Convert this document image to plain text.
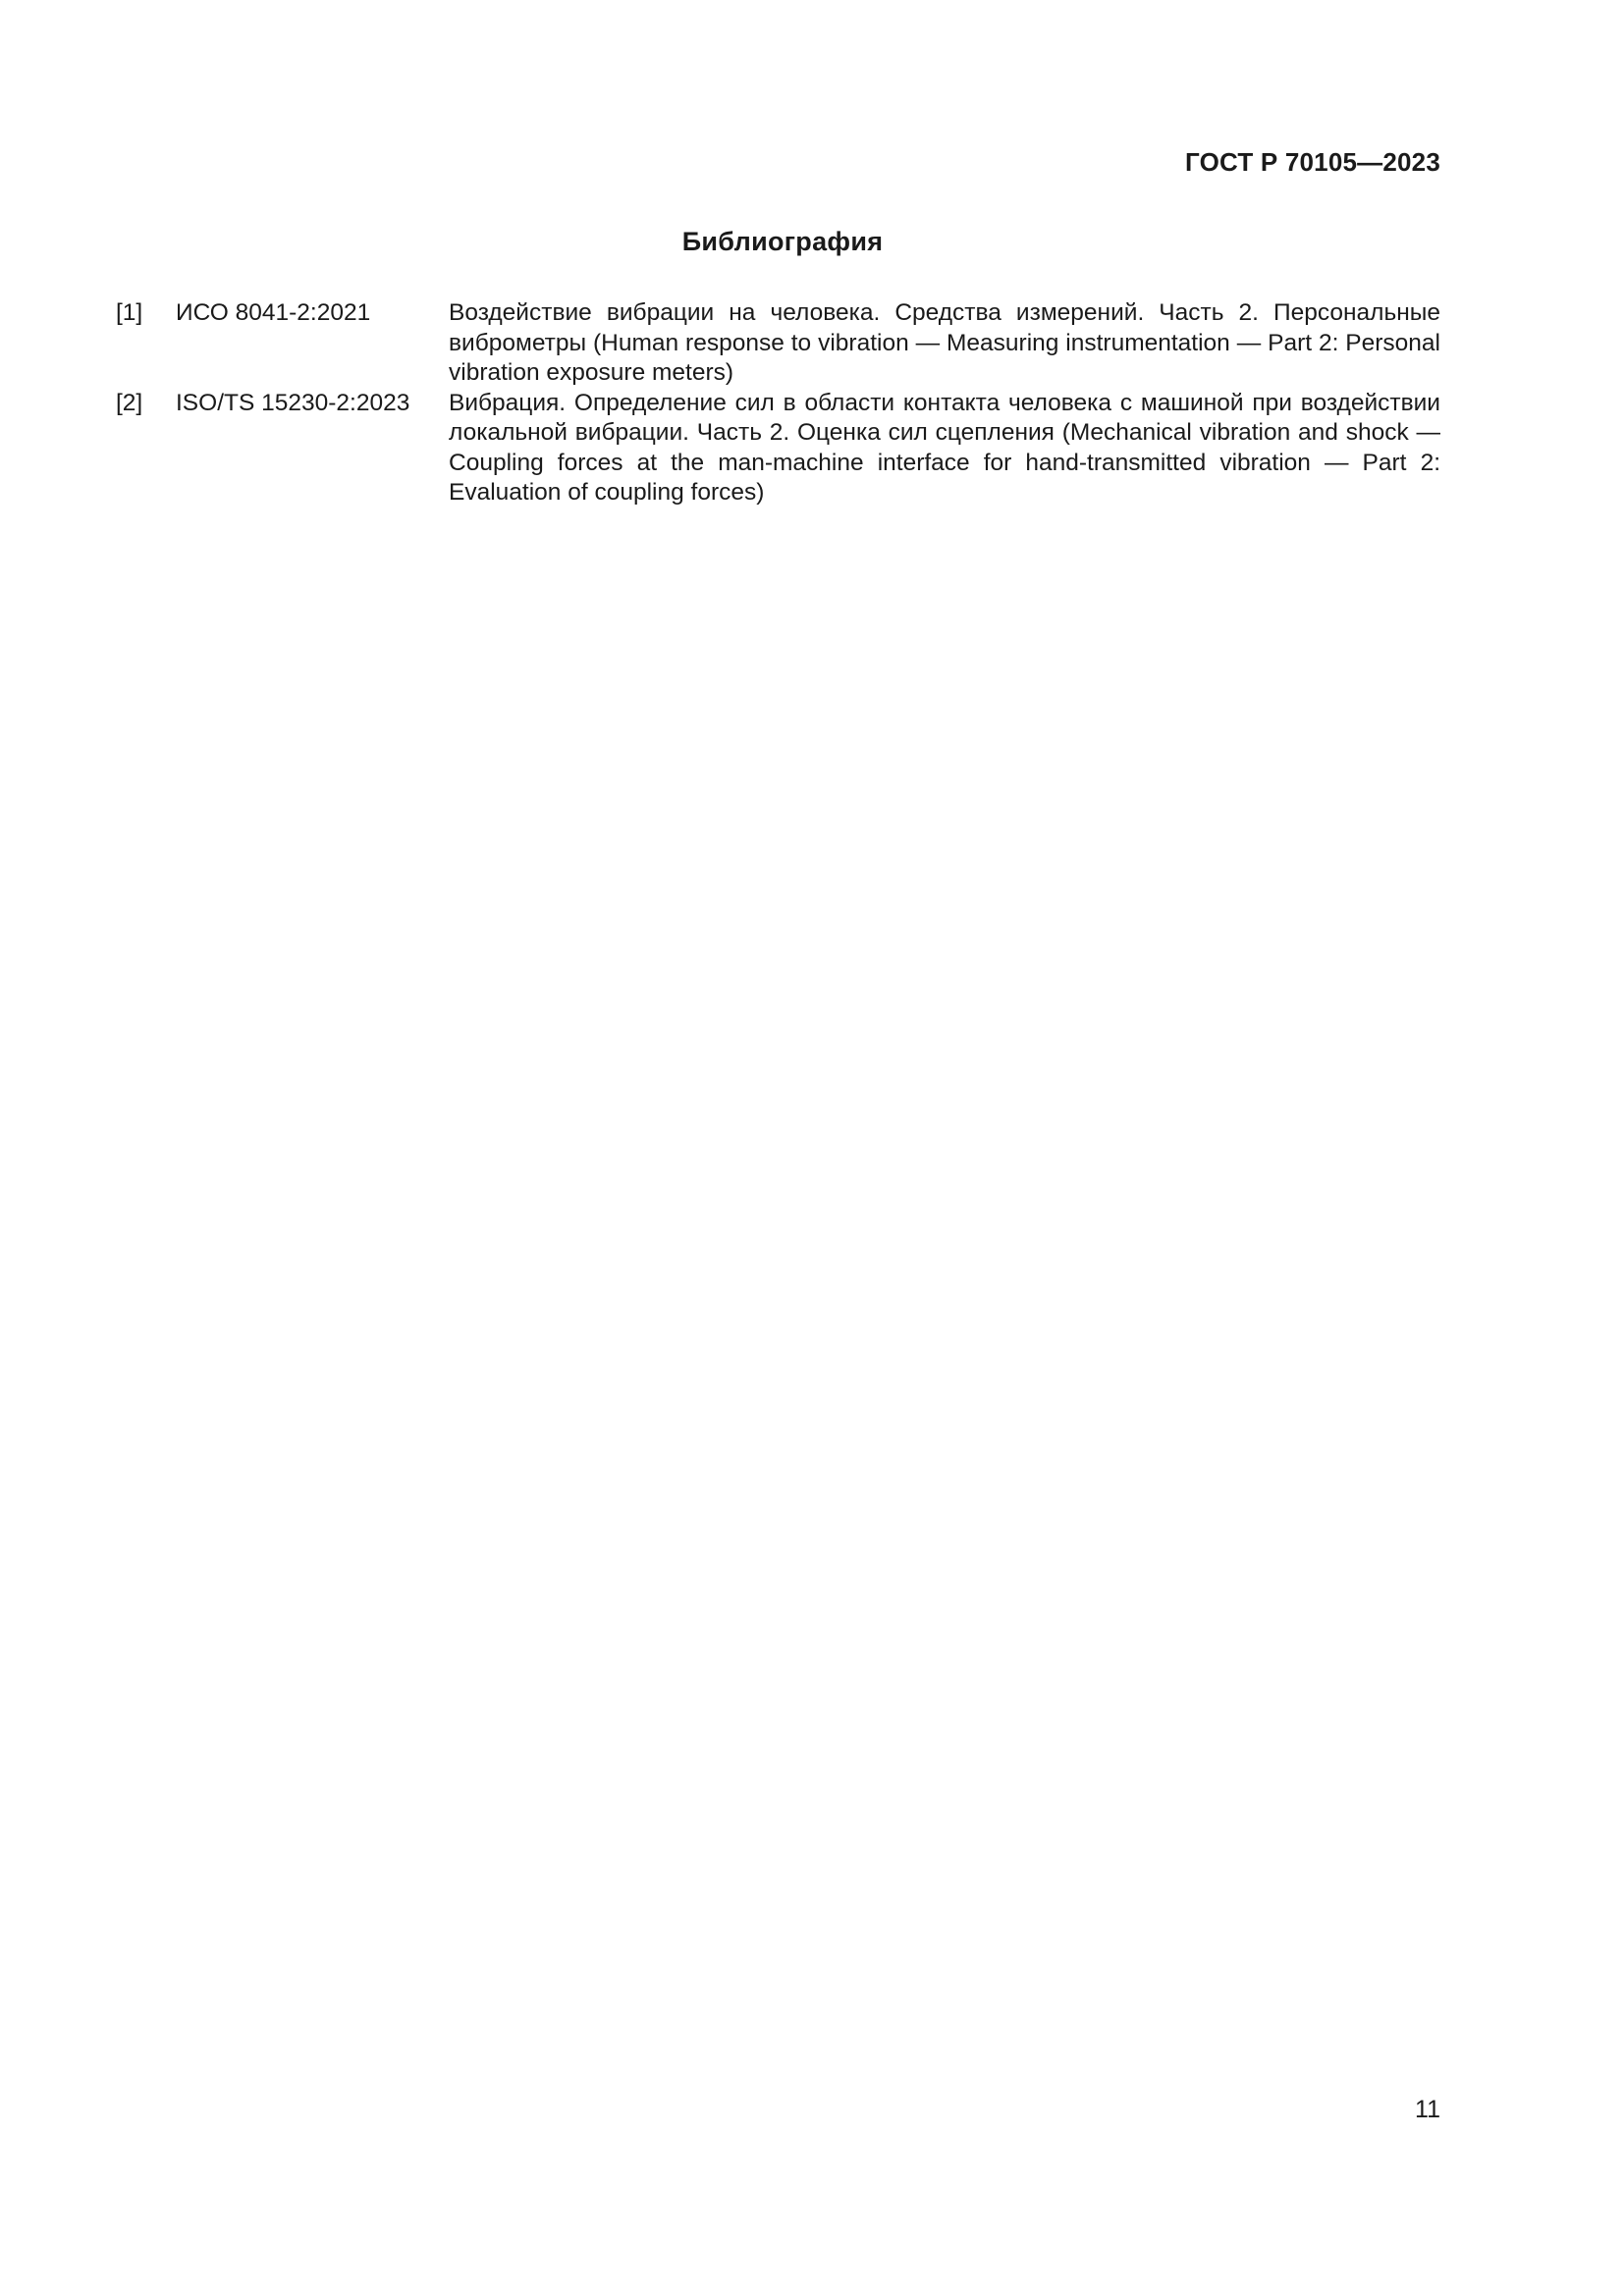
ГОСТ Р 70105—2023
Библиография
[1]	ИСО 8041-2:2021	Воздействие вибрации на человека. Средства измерений. Часть 2. Персональные виброметры (Human response to vibration — Measuring instrumentation — Part 2: Personal vibration exposure meters)
[2]	ISO/TS 15230-2:2023	Вибрация. Определение сил в области контакта человека с машиной при воздействии локальной вибрации. Часть 2. Оценка сил сцепления (Mechanical vibration and shock — Coupling forces at the man-machine interface for hand-transmitted vibration — Part 2: Evaluation of coupling forces)
11
